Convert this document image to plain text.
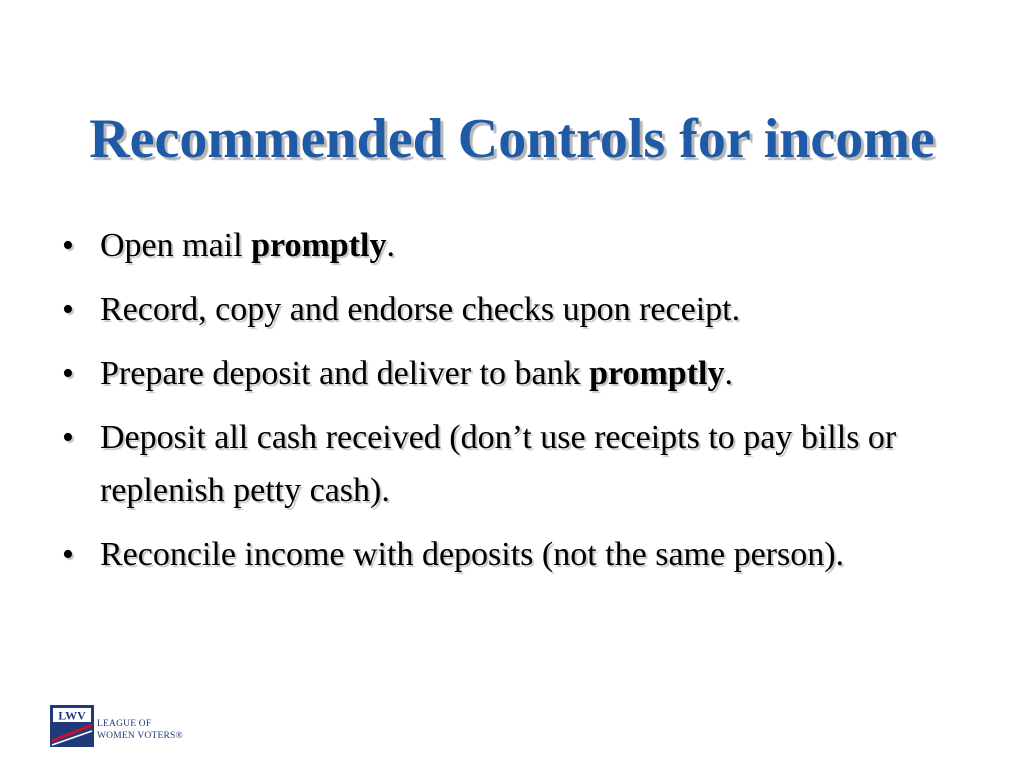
Recommended Controls for income
• Open mail promptly.
• Record, copy and endorse checks upon receipt.
• Prepare deposit and deliver to bank promptly.
• Deposit all cash received (don’t use receipts to pay bills or replenish petty cash).
• Reconcile income with deposits (not the same person).
LWV
LEAGUE OF
WOMEN VOTERS®
